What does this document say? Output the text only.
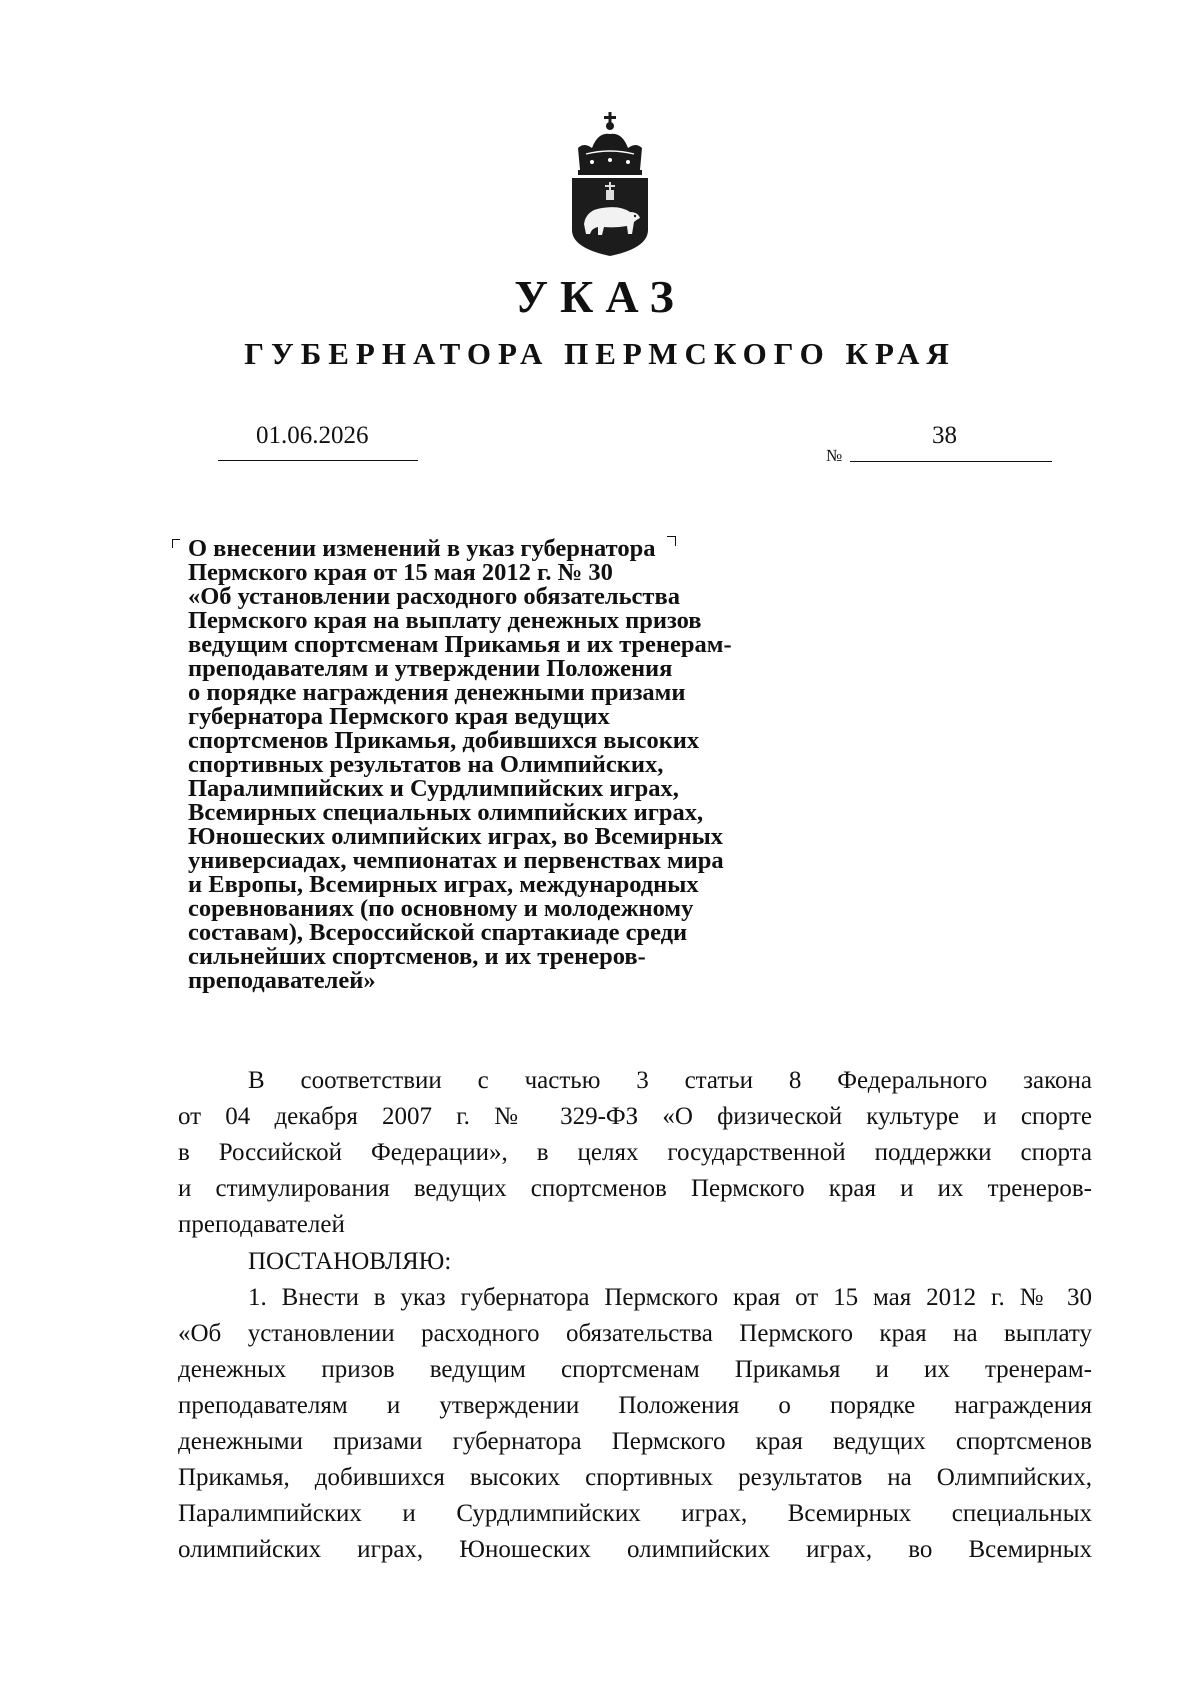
УКАЗ
ГУБЕРНАТОРА ПЕРМСКОГО КРАЯ
01.06.2026
№
38
О внесении изменений в указ губернатора
Пермского края от 15 мая 2012 г. № 30
«Об установлении расходного обязательства
Пермского края на выплату денежных призов
ведущим спортсменам Прикамья и их тренерам-
преподавателям и утверждении Положения
о порядке награждения денежными призами
губернатора Пермского края ведущих
спортсменов Прикамья, добившихся высоких
спортивных результатов на Олимпийских,
Паралимпийских и Сурдлимпийских играх,
Всемирных специальных олимпийских играх,
Юношеских олимпийских играх, во Всемирных
универсиадах, чемпионатах и первенствах мира
и Европы, Всемирных играх, международных
соревнованиях (по основному и молодежному
составам), Всероссийской спартакиаде среди
сильнейших спортсменов, и их тренеров-
преподавателей»
В соответствии с частью 3 статьи 8 Федерального закона
от 04 декабря 2007 г. № 329-ФЗ «О физической культуре и спорте
в Российской Федерации», в целях государственной поддержки спорта
и стимулирования ведущих спортсменов Пермского края и их тренеров-
преподавателей
ПОСТАНОВЛЯЮ:
1. Внести в указ губернатора Пермского края от 15 мая 2012 г. № 30
«Об установлении расходного обязательства Пермского края на выплату
денежных призов ведущим спортсменам Прикамья и их тренерам-
преподавателям и утверждении Положения о порядке награждения
денежными призами губернатора Пермского края ведущих спортсменов
Прикамья, добившихся высоких спортивных результатов на Олимпийских,
Паралимпийских и Сурдлимпийских играх, Всемирных специальных
олимпийских играх, Юношеских олимпийских играх, во Всемирных
